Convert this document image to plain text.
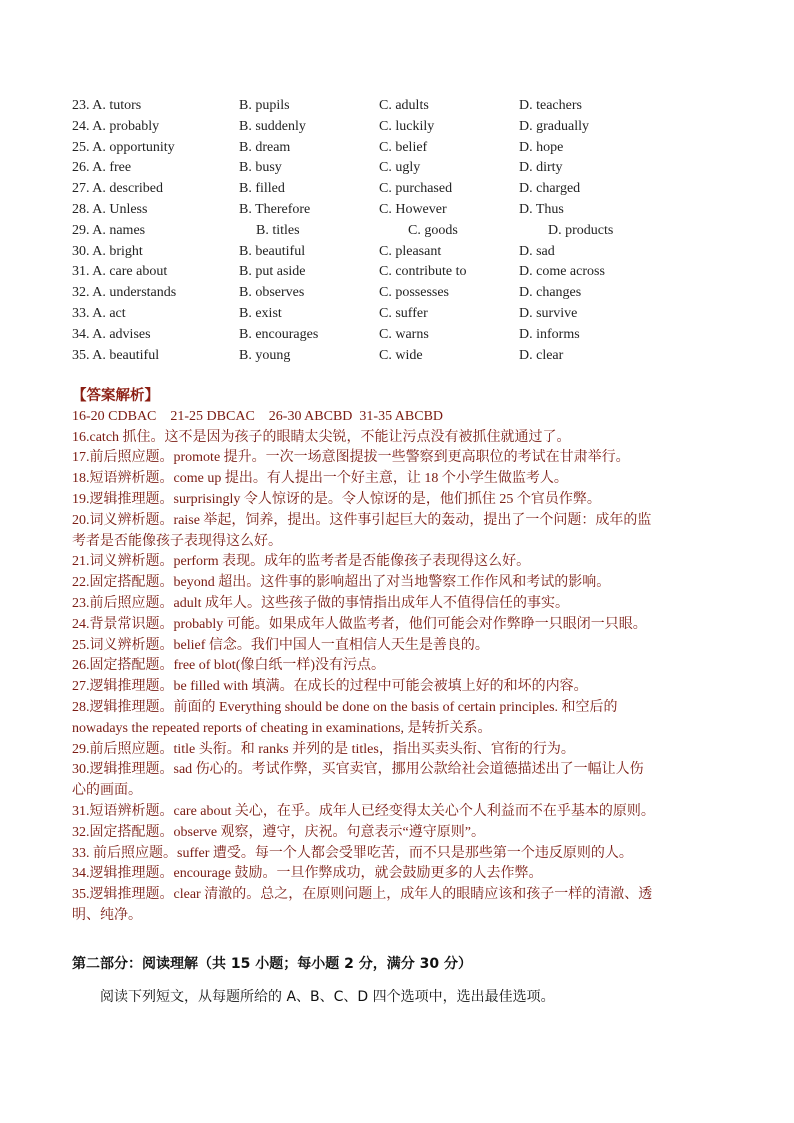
23. A. tutors	B. pupils	C. adults	D. teachers
24. A. probably	B. suddenly	C. luckily	D. gradually
25. A. opportunity	B. dream	C. belief	D. hope
26. A. free	B. busy	C. ugly	D. dirty
27. A. described	B. filled	C. purchased	D. charged
28. A. Unless	B. Therefore	C. However	D. Thus
29. A. names	B. titles	C. goods	D. products
30. A. bright	B. beautiful	C. pleasant	D. sad
31. A. care about	B. put aside	C. contribute to	D. come across
32. A. understands	B. observes	C. possesses	D. changes
33. A. act	B. exist	C. suffer	D. survive
34. A. advises	B. encourages	C. warns	D. informs
35. A. beautiful	B. young	C. wide	D. clear
【答案解析】
16-20 CDBAC    21-25 DBCAC    26-30 ABCBD  31-35 ABCBD
16.catch 抓住。这不是因为孩子的眼睛太尖锐，不能让污点没有被抓住就通过了。
17.前后照应题。promote 提升。一次一场意图提拔一些警察到更高职位的考试在甘肃举行。
18.短语辨析题。come up 提出。有人提出一个好主意，让 18 个小学生做监考人。
19.逻辑推理题。surprisingly 令人惊讶的是。令人惊讶的是，他们抓住 25 个官员作弊。
20.词义辨析题。raise 举起，饲养，提出。这件事引起巨大的轰动，提出了一个问题：成年的监
考者是否能像孩子表现得这么好。
21.词义辨析题。perform 表现。成年的监考者是否能像孩子表现得这么好。
22.固定搭配题。beyond 超出。这件事的影响超出了对当地警察工作作风和考试的影响。
23.前后照应题。adult 成年人。这些孩子做的事情指出成年人不值得信任的事实。
24.背景常识题。probably 可能。如果成年人做监考者，他们可能会对作弊睁一只眼闭一只眼。
25.词义辨析题。belief 信念。我们中国人一直相信人天生是善良的。
26.固定搭配题。free of blot(像白纸一样)没有污点。
27.逻辑推理题。be filled with 填满。在成长的过程中可能会被填上好的和坏的内容。
28.逻辑推理题。前面的 Everything should be done on the basis of certain principles. 和空后的
nowadays the repeated reports of cheating in examinations, 是转折关系。
29.前后照应题。title 头衔。和 ranks 并列的是 titles，指出买卖头衔、官衔的行为。
30.逻辑推理题。sad 伤心的。考试作弊，买官卖官，挪用公款给社会道德描述出了一幅让人伤
心的画面。
31.短语辨析题。care about 关心，在乎。成年人已经变得太关心个人利益而不在乎基本的原则。
32.固定搭配题。observe 观察，遵守，庆祝。句意表示“遵守原则”。
33. 前后照应题。suffer 遭受。每一个人都会受罪吃苦，而不只是那些第一个违反原则的人。
34.逻辑推理题。encourage 鼓励。一旦作弊成功，就会鼓励更多的人去作弊。
35.逻辑推理题。clear 清澈的。总之，在原则问题上，成年人的眼睛应该和孩子一样的清澈、透
明、纯净。
第二部分：阅读理解（共 15 小题；每小题 2 分，满分 30 分）
阅读下列短文，从每题所给的 A、B、C、D 四个选项中，选出最佳选项。
